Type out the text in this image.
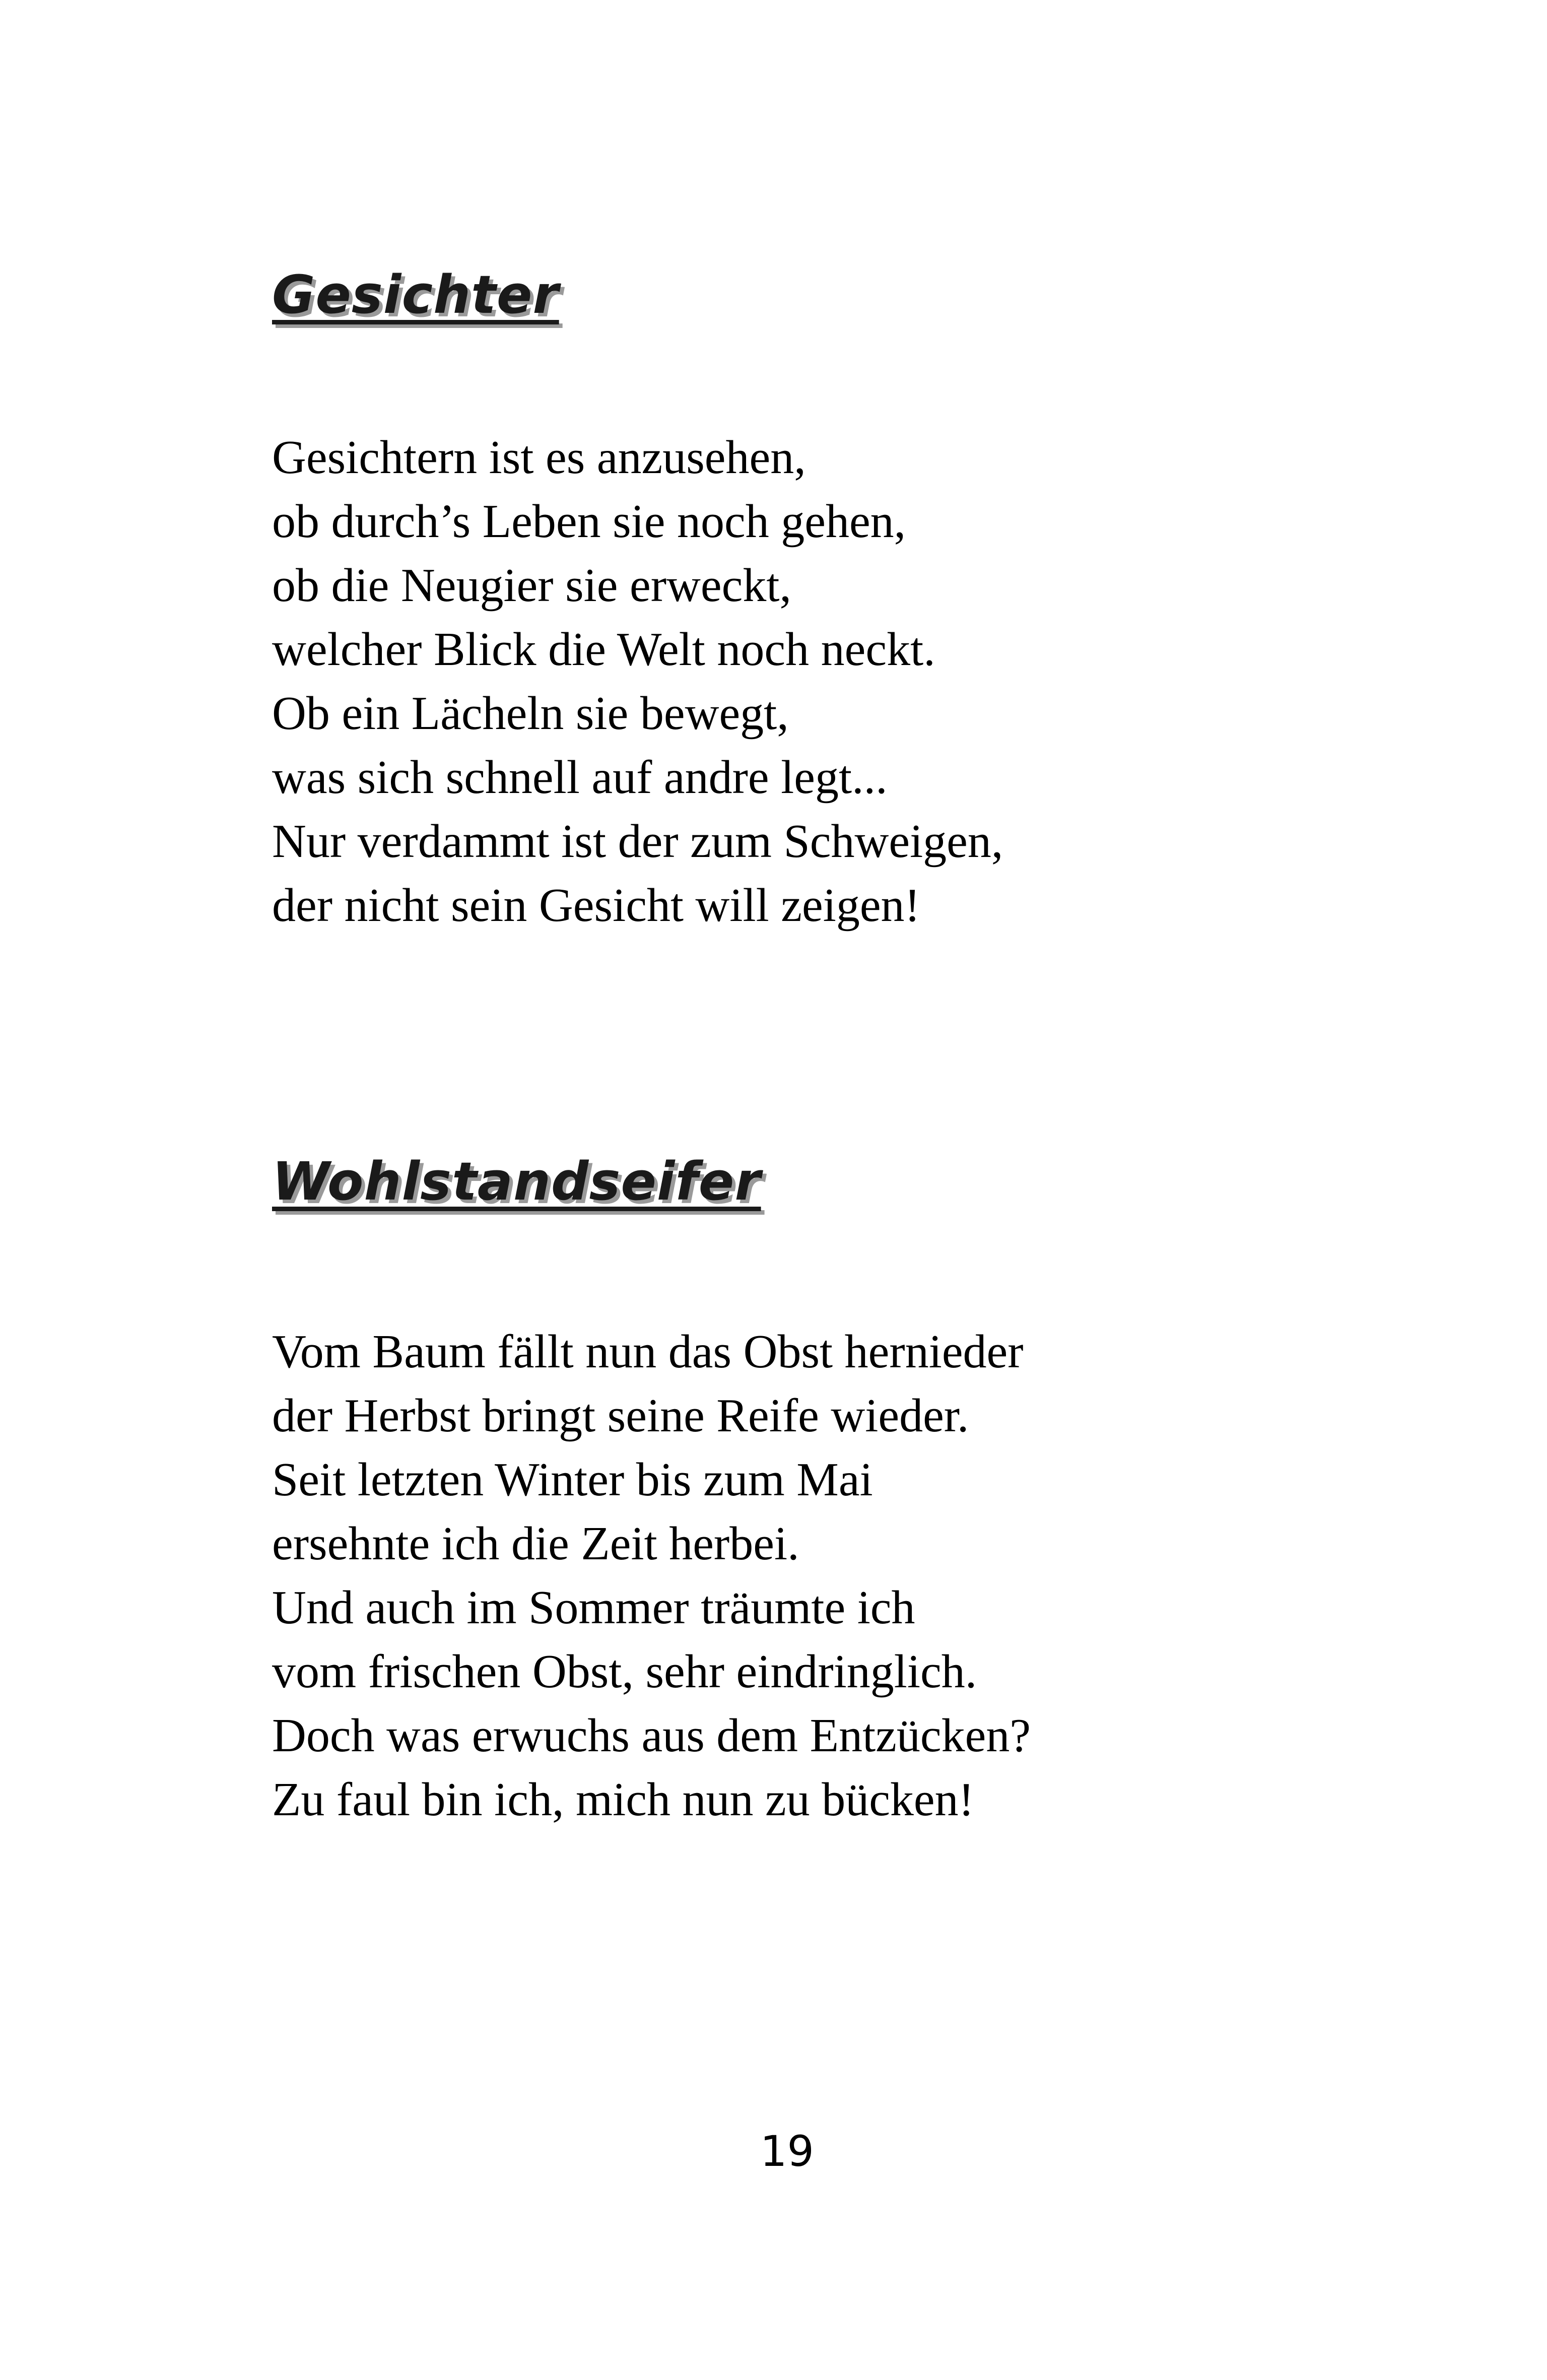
Gesichter
Gesichtern ist es anzusehen,
ob durch’s Leben sie noch gehen,
ob die Neugier sie erweckt,
welcher Blick die Welt noch neckt.
Ob ein Lächeln sie bewegt,
was sich schnell auf andre legt...
Nur verdammt ist der zum Schweigen,
der nicht sein Gesicht will zeigen!
Wohlstandseifer
Vom Baum fällt nun das Obst hernieder
der Herbst bringt seine Reife wieder.
Seit letzten Winter bis zum Mai
ersehnte ich die Zeit herbei.
Und auch im Sommer träumte ich
vom frischen Obst, sehr eindringlich.
Doch was erwuchs aus dem Entzücken?
Zu faul bin ich, mich nun zu bücken!
19
